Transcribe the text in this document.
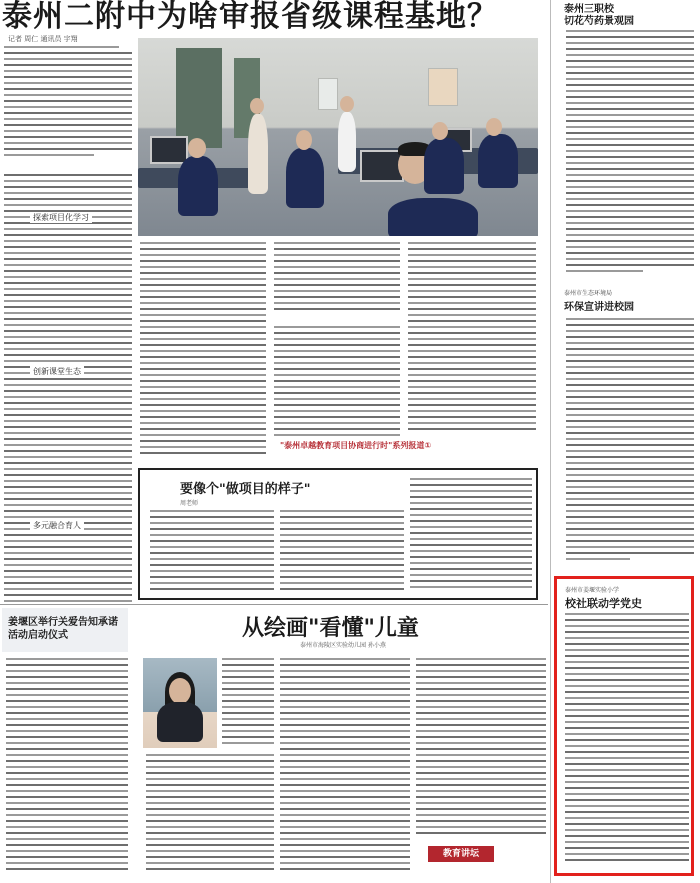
泰州二附中为啥审报省级课程基地？
记者 周仁 通讯员 宇翔
探索项目化学习
创新课堂生态
多元融合育人
"泰州卓越教育项目协商进行时"系列报道①
要像个"做项目的样子"
周老师
姜堰区举行关爱告知承诺活动启动仪式	从绘画"看懂"儿童
泰州市海陵区实验幼儿园 孙小燕
教育讲坛
泰州三职校
切花芍药景观园
泰州市生态环境局
环保宣讲进校园
泰州市姜堰实验小学
校社联动学党史
